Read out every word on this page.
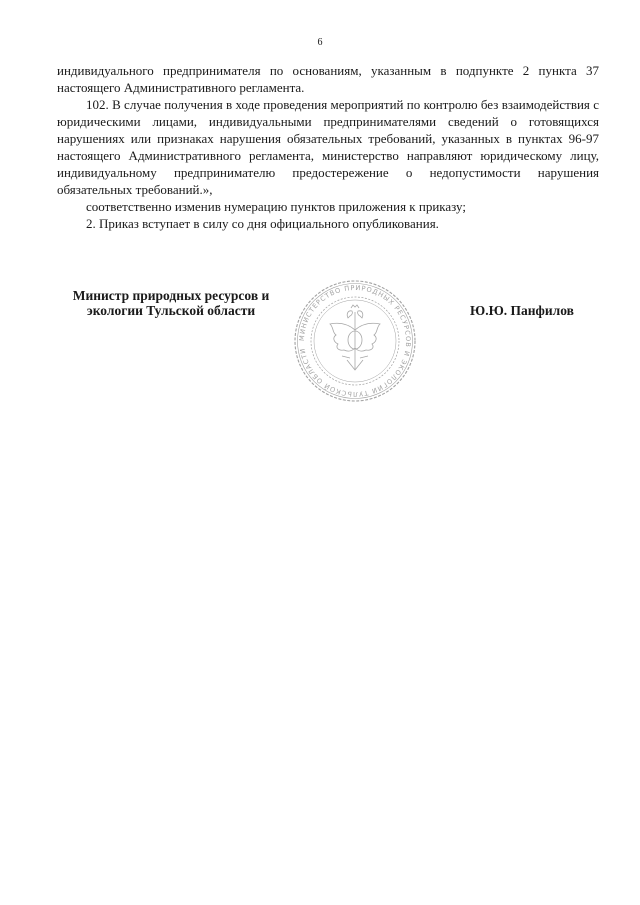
6

индивидуального предпринимателя по основаниям, указанным в подпункте 2 пункта 37 настоящего Административного регламента.

102. В случае получения в ходе проведения мероприятий по контролю без взаимодействия с юридическими лицами, индивидуальными предпринимателями сведений о готовящихся нарушениях или признаках нарушения обязательных требований, указанных в пунктах 96-97 настоящего Административного регламента, министерство направляют юридическому лицу, индивидуальному предпринимателю предостережение о недопустимости нарушения обязательных требований.»,

соответственно изменив нумерацию пунктов приложения к приказу;

2. Приказ вступает в силу со дня официального опубликования.

Министр природных ресурсов и экологии Тульской области
МИНИСТЕРСТВО ПРИРОДНЫХ РЕСУРСОВ И ЭКОЛОГИИ ТУЛЬСКОЙ ОБЛАСТИ
Ю.Ю. Панфилов
